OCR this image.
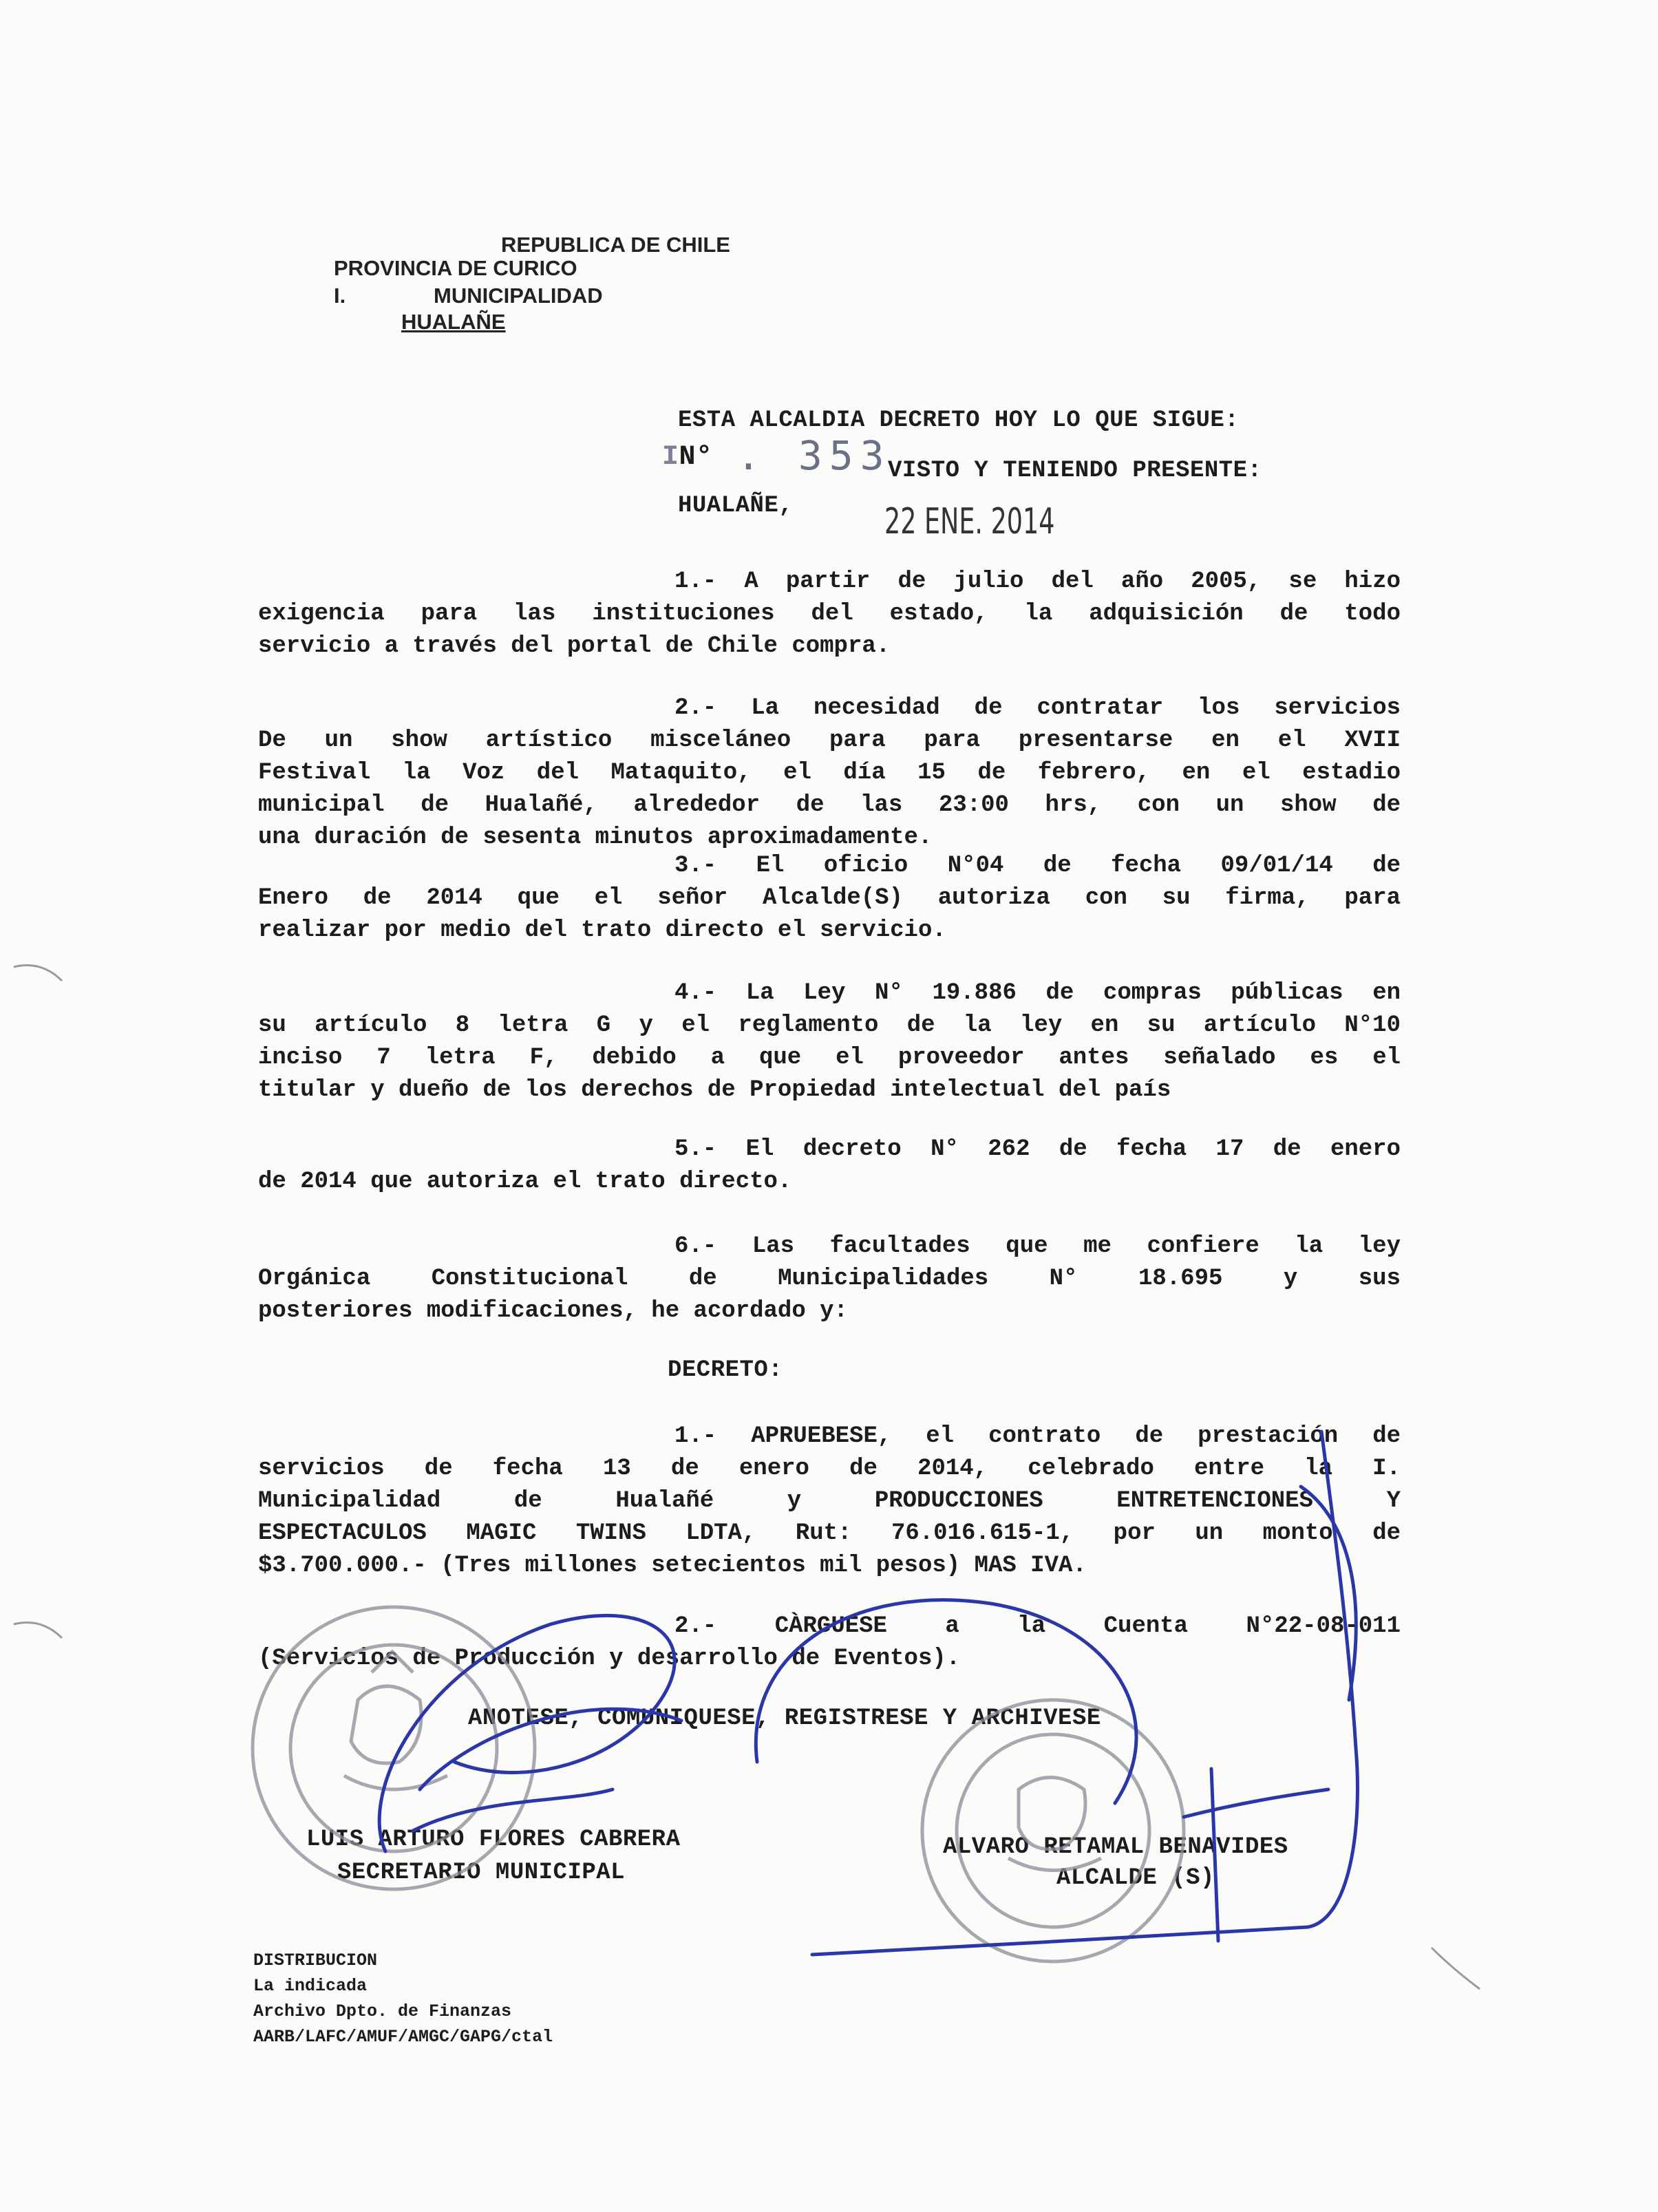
REPUBLICA DE CHILE
PROVINCIA DE CURICO
I.	MUNICIPALIDAD
HUALAÑE
ESTA ALCALDIA DECRETO HOY LO QUE SIGUE:
IN° . 353
VISTO Y TENIENDO PRESENTE:
HUALAÑE,	22 ENE. 2014
1.- A partir de julio del año 2005, se hizo
exigencia para las instituciones del estado, la adquisición de todo
servicio a través del portal de Chile compra.
2.- La necesidad de contratar los servicios
De un show artístico misceláneo para para presentarse en el XVII
Festival la Voz del Mataquito, el día 15 de febrero, en el estadio
municipal de Hualañé, alrededor de las 23:00 hrs, con un show de
una duración de sesenta minutos aproximadamente.
3.- El oficio N°04 de fecha 09/01/14 de
Enero de 2014 que el señor Alcalde(S) autoriza con su firma, para
realizar por medio del trato directo el servicio.
4.- La Ley N° 19.886 de compras públicas en
su artículo 8 letra G y el reglamento de la ley en su artículo N°10
inciso 7 letra F, debido a que el proveedor antes señalado es el
titular y dueño de los derechos de Propiedad intelectual del país
5.- El decreto N° 262 de fecha 17 de enero
de 2014 que autoriza el trato directo.
6.- Las facultades que me confiere la ley
Orgánica Constitucional de Municipalidades N° 18.695 y sus
posteriores modificaciones, he acordado y:
DECRETO:
1.- APRUEBESE, el contrato de prestación de
servicios de fecha 13 de enero de 2014, celebrado entre la I.
Municipalidad de Hualañé y PRODUCCIONES ENTRETENCIONES Y
ESPECTACULOS MAGIC TWINS LDTA, Rut: 76.016.615-1, por un monto de
$3.700.000.- (Tres millones setecientos mil pesos) MAS IVA.
2.- CÀRGUESE a la Cuenta N°22-08-011
(Servicios de Producción y desarrollo de Eventos).
ANOTESE, COMUNIQUESE, REGISTRESE Y ARCHIVESE
LUIS ARTURO FLORES CABRERA
SECRETARIO MUNICIPAL
ALVARO RETAMAL BENAVIDES
ALCALDE (S)
DISTRIBUCION
La indicada
Archivo Dpto. de Finanzas
AARB/LAFC/AMUF/AMGC/GAPG/ctal
